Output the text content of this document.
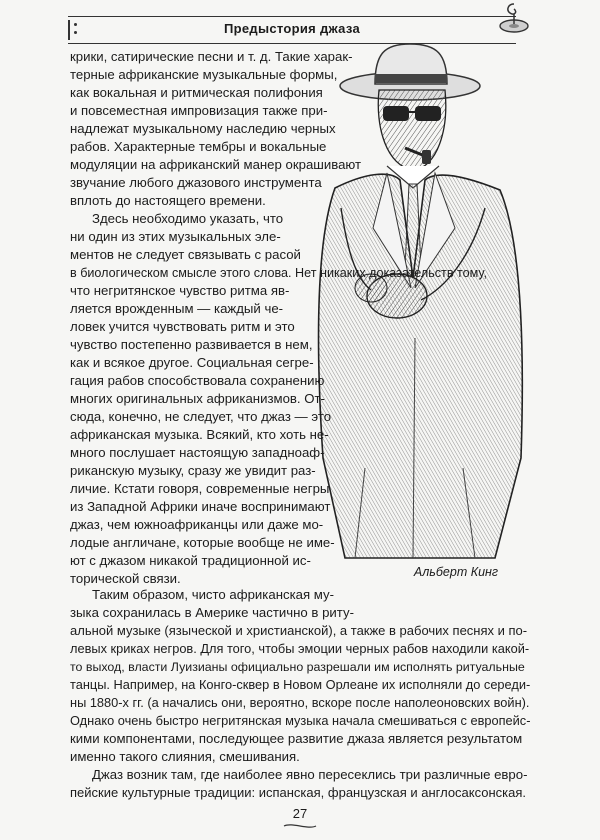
Предыстория джаза
крики, сатирические песни и т. д. Такие харак-
терные африканские музыкальные формы,
как вокальная и ритмическая полифония
и повсеместная импровизация также при-
надлежат музыкальному наследию черных
рабов. Характерные тембры и вокальные
модуляции на африканский манер окрашивают
звучание любого джазового инструмента
вплоть до настоящего времени.
Здесь необходимо указать, что
ни один из этих музыкальных эле-
ментов не следует связывать с расой
в биологическом смысле этого слова. Нет никаких доказательств тому,
что негритянское чувство ритма яв-
ляется врожденным — каждый че-
ловек учится чувствовать ритм и это
чувство постепенно развивается в нем,
как и всякое другое. Социальная сегре-
гация рабов способствовала сохранению
многих оригинальных африканизмов. От-
сюда, конечно, не следует, что джаз — это
африканская музыка. Всякий, кто хоть не-
много послушает настоящую западноаф-
риканскую музыку, сразу же увидит раз-
личие. Кстати говоря, современные негры
из Западной Африки иначе воспринимают
джаз, чем южноафриканцы или даже мо-
лодые англичане, которые вообще не име-
ют с джазом никакой традиционной ис-
торической связи.
Таким образом, чисто африканская му-
зыка сохранилась в Америке частично в риту-
альной музыке (языческой и христианской), а также в рабочих песнях и по-
левых криках негров. Для того, чтобы эмоции черных рабов находили какой-
то выход, власти Луизианы официально разрешали им исполнять ритуальные
танцы. Например, на Конго-сквер в Новом Орлеане их исполняли до середи-
ны 1880-х гг. (а начались они, вероятно, вскоре после наполеоновских войн).
Однако очень быстро негритянская музыка начала смешиваться с европейс-
кими компонентами, последующее развитие джаза является результатом
именно такого слияния, смешивания.
Джаз возник там, где наиболее явно пересеклись три различные евро-
пейские культурные традиции: испанская, французская и англосаксонская.
Альберт Кинг
27
